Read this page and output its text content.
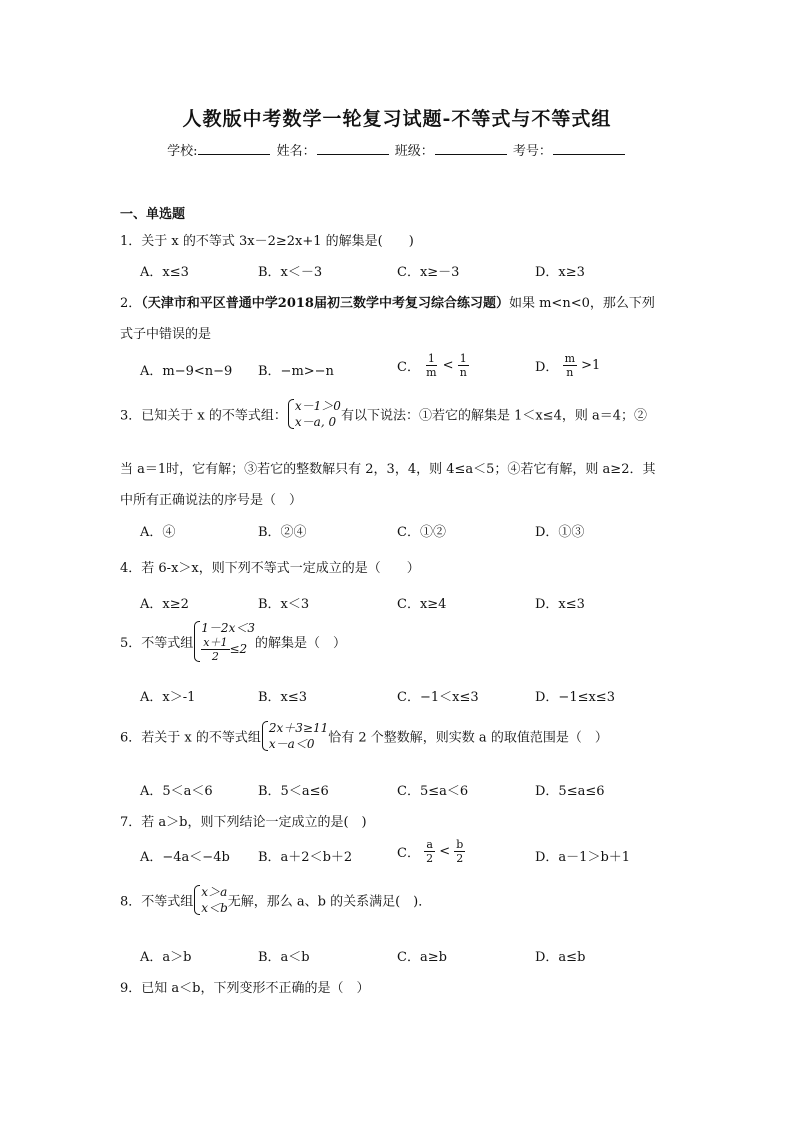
人教版中考数学一轮复习试题-不等式与不等式组
学校:	姓名：	班级：	考号：
一、单选题
1．关于 x 的不等式 3x－2≥2x+1 的解集是(　　)
A．x≤3	B．x＜－3	C．x≥－3	D．x≥3
2．（天津市和平区普通中学2018届初三数学中考复习综合练习题）如果 m<n<0，那么下列
式子中错误的是
A．m−9<n−9 B．−m>−n	C． $\frac{1}{m} < \frac{1}{n}$	D． $\frac{m}{n} >1$
3．已知关于 x 的不等式组：
x－1＞0
x－a, 0 有以下说法：①若它的解集是 1＜x≤4，则 a＝4；②
当 a＝1时，它有解；③若它的整数解只有 2，3，4，则 4≤a＜5；④若它有解，则 a≥2．其
中所有正确说法的序号是（　）
A．④	B．②④	C．①②	D．①③
4．若 6-x＞x，则下列不等式一定成立的是（　　）
A．x≥2	B．x＜3	C．x≥4	D．x≤3
5．不等式组
1－2x＜3
$\frac{x+1}{2} \le 2$ 的解集是（　）
A．x＞-1	B．x≤3	C．−1＜x≤3	D．−1≤x≤3
6．若关于 x 的不等式组
2x＋3≥11
x－a＜0	恰有 2 个整数解，则实数 a 的取值范围是（　）
A．5＜a＜6	B．5＜a≤6	C．5≤a＜6	D．5≤a≤6
7．若 a＞b，则下列结论一定成立的是(　)
A．−4a＜−4b B．a＋2＜b＋2	C． $\frac{a}{2} < \frac{b}{2}$	D．a－1＞b＋1
8．不等式组
x＞a
x＜b 无解，那么 a、b 的关系满足(　)．
A．a＞b	B．a＜b	C．a≥b	D．a≤b
9．已知 a＜b，下列变形不正确的是（　）
